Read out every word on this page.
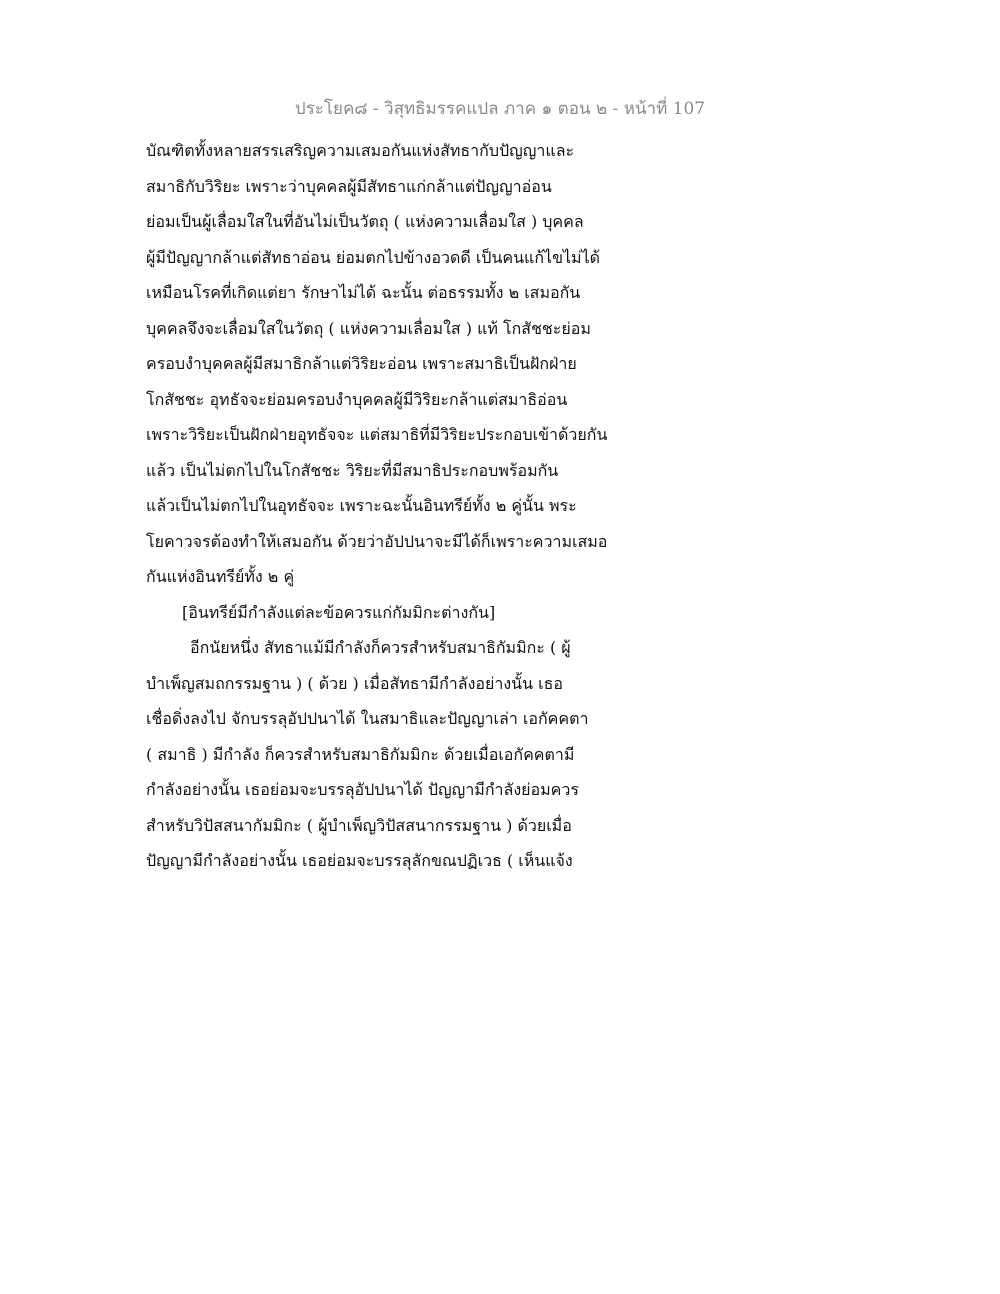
ประโยค๘ - วิสุทธิมรรคแปล ภาค ๑ ตอน ๒ - หน้าที่ 107
บัณฑิตทั้งหลายสรรเสริญความเสมอกันแห่งสัทธากับปัญญาและ
สมาธิกับวิริยะ เพราะว่าบุคคลผู้มีสัทธาแก่กล้าแต่ปัญญาอ่อน
ย่อมเป็นผู้เลื่อมใสในที่อันไม่เป็นวัตถุ ( แห่งความเลื่อมใส ) บุคคล
ผู้มีปัญญากล้าแต่สัทธาอ่อน ย่อมตกไปข้างอวดดี เป็นคนแก้ไขไม่ได้
เหมือนโรคที่เกิดแต่ยา รักษาไม่ได้ ฉะนั้น ต่อธรรมทั้ง ๒ เสมอกัน
บุคคลจึงจะเลื่อมใสในวัตถุ ( แห่งความเลื่อมใส ) แท้ โกสัชชะย่อม
ครอบงำบุคคลผู้มีสมาธิกล้าแต่วิริยะอ่อน เพราะสมาธิเป็นฝักฝ่าย
โกสัชชะ อุทธัจจะย่อมครอบงำบุคคลผู้มีวิริยะกล้าแต่สมาธิอ่อน
เพราะวิริยะเป็นฝักฝ่ายอุทธัจจะ แต่สมาธิที่มีวิริยะประกอบเข้าด้วยกัน
แล้ว เป็นไม่ตกไปในโกสัชชะ วิริยะที่มีสมาธิประกอบพร้อมกัน
แล้วเป็นไม่ตกไปในอุทธัจจะ เพราะฉะนั้นอินทรีย์ทั้ง ๒ คู่นั้น พระ
โยคาวจรต้องทำให้เสมอกัน ด้วยว่าอัปปนาจะมีได้ก็เพราะความเสมอ
กันแห่งอินทรีย์ทั้ง ๒ คู่
[อินทรีย์มีกำลังแต่ละข้อควรแก่กัมมิกะต่างกัน]
อีกนัยหนึ่ง สัทธาแม้มีกำลังก็ควรสำหรับสมาธิกัมมิกะ ( ผู้
บำเพ็ญสมถกรรมฐาน ) ( ด้วย ) เมื่อสัทธามีกำลังอย่างนั้น เธอ
เชื่อดิ่งลงไป จักบรรลุอัปปนาได้ ในสมาธิและปัญญาเล่า เอกัคคตา
( สมาธิ ) มีกำลัง ก็ควรสำหรับสมาธิกัมมิกะ ด้วยเมื่อเอกัคคตามี
กำลังอย่างนั้น เธอย่อมจะบรรลุอัปปนาได้ ปัญญามีกำลังย่อมควร
สำหรับวิปัสสนากัมมิกะ ( ผู้บำเพ็ญวิปัสสนากรรมฐาน ) ด้วยเมื่อ
ปัญญามีกำลังอย่างนั้น เธอย่อมจะบรรลุลักขณปฏิเวธ ( เห็นแจ้ง
